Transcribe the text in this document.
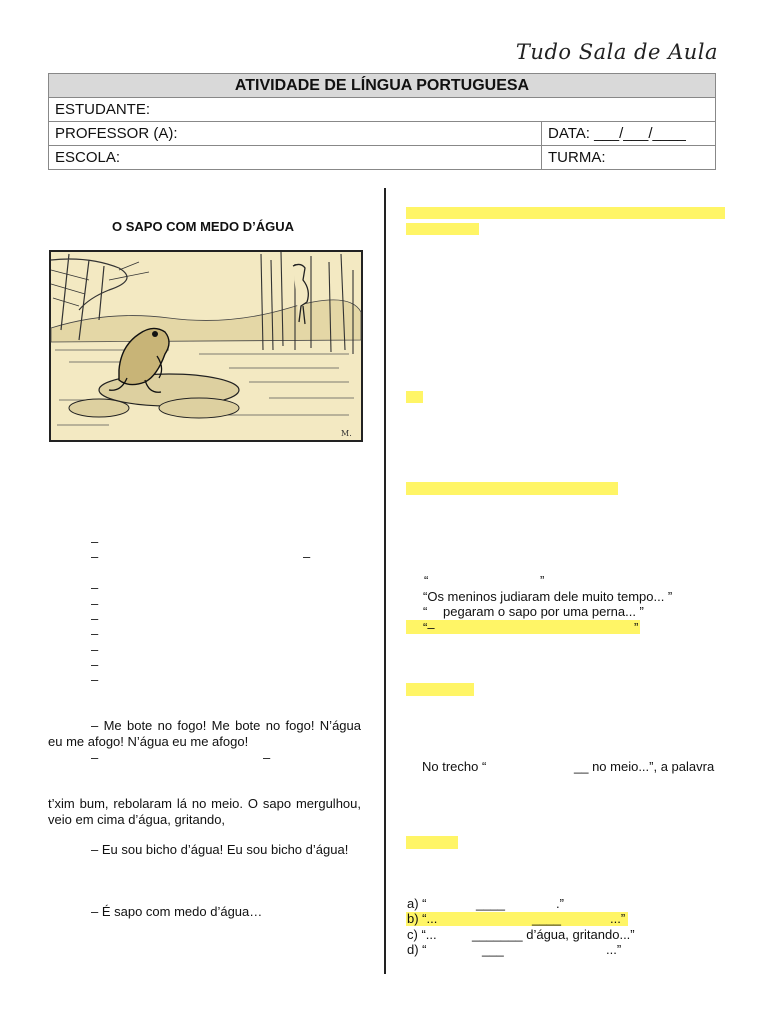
Tudo Sala de Aula
ATIVIDADE DE LÍNGUA PORTUGUESA	
ESTUDANTE:	
PROFESSOR (A):	DATA: ___/___/____
ESCOLA:	TURMA:
O SAPO COM MEDO D’ÁGUA
M.
–
–	–
–
–
–
–
–
–
–
– Me bote no fogo! Me bote no fogo! N’água eu me afogo! N’água eu me afogo!
–	–
t’xim bum, rebolaram lá no meio. O sapo mergulhou, veio em cima d’água, gritando,
– Eu sou bicho d’água! Eu sou bicho d’água!
– É sapo com medo d’água…
“	”
“Os meninos judiaram dele muito tempo... ”
“ pegaram o sapo por uma perna... ”
“–	”
No trecho “	__ no meio...”, a palavra
a) “	____	.”
b) “...	____	...”
c) “...	_______ d’água, gritando...”
d) “	___	...”
